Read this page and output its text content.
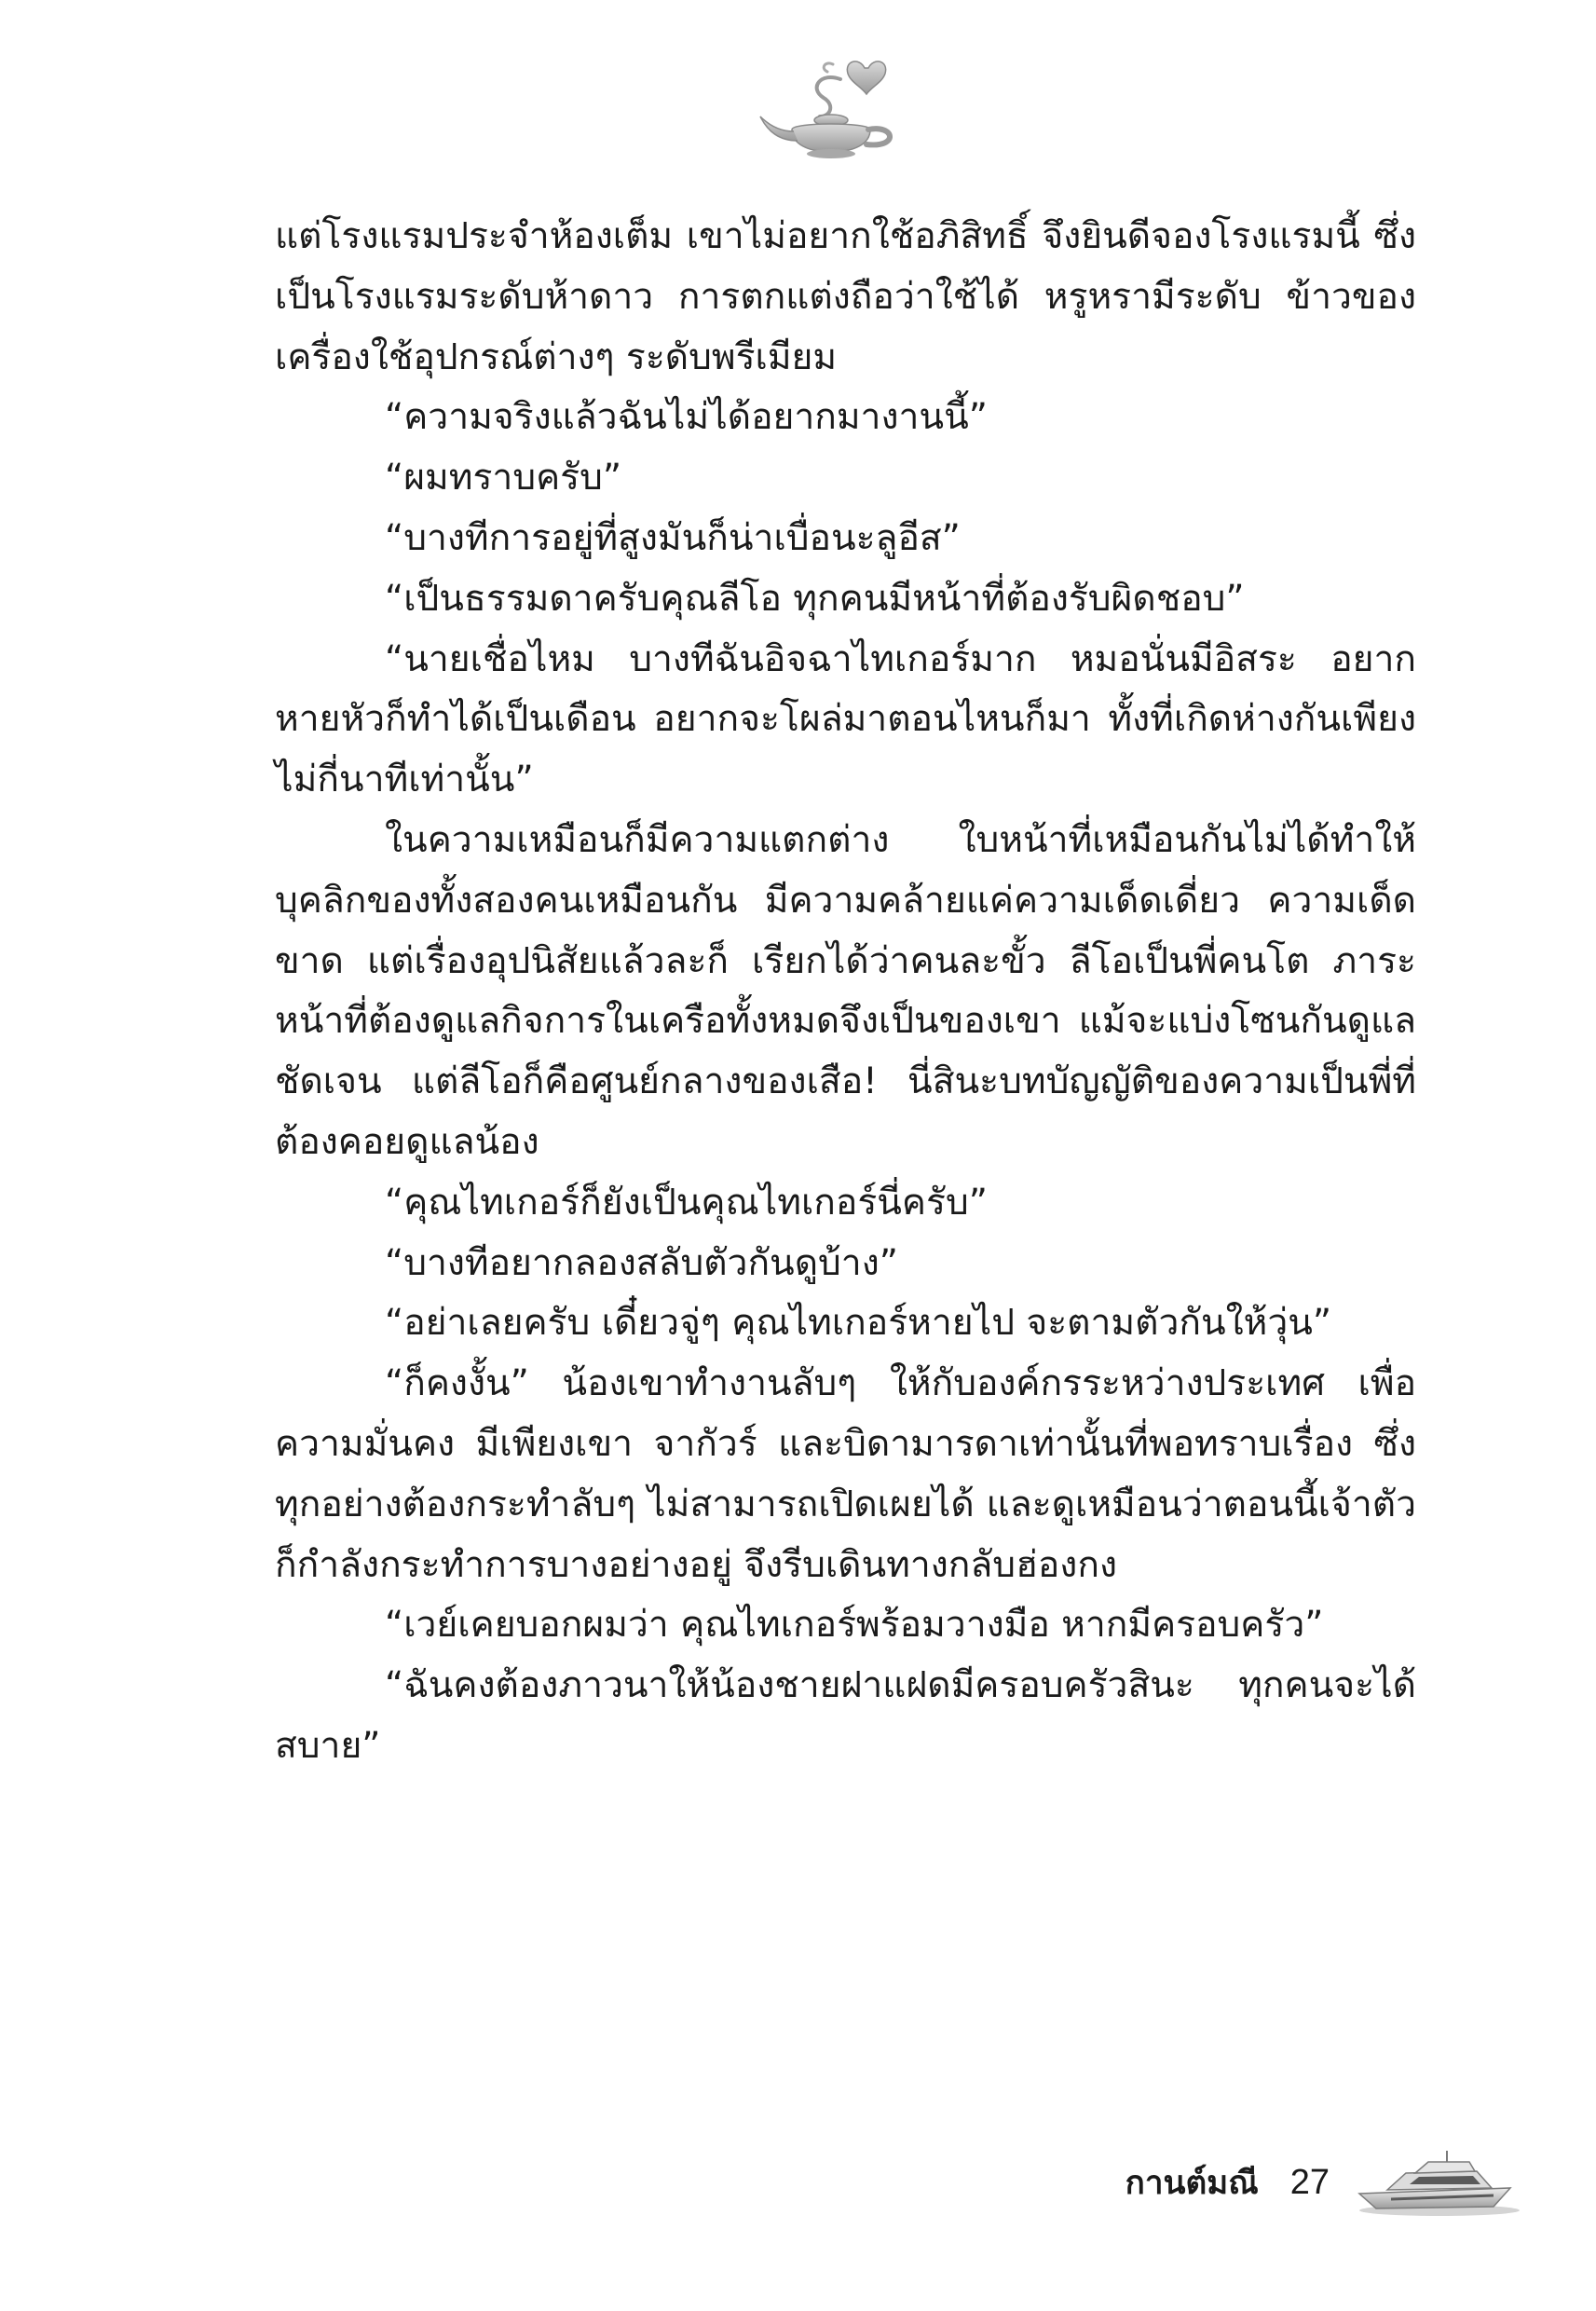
แต่โรงแรมประจำห้องเต็ม เขาไม่อยากใช้อภิสิทธิ์ จึงยินดีจองโรงแรมนี้ ซึ่งเป็นโรงแรมระดับห้าดาว การตกแต่งถือว่าใช้ได้ หรูหรามีระดับ ข้าวของเครื่องใช้อุปกรณ์ต่างๆ ระดับพรีเมียม

“ความจริงแล้วฉันไม่ได้อยากมางานนี้”

“ผมทราบครับ”

“บางทีการอยู่ที่สูงมันก็น่าเบื่อนะลูอีส”

“เป็นธรรมดาครับคุณลีโอ ทุกคนมีหน้าที่ต้องรับผิดชอบ”

“นายเชื่อไหม บางทีฉันอิจฉาไทเกอร์มาก หมอนั่นมีอิสระ อยากหายหัวก็ทำได้เป็นเดือน อยากจะโผล่มาตอนไหนก็มา ทั้งที่เกิดห่างกันเพียงไม่กี่นาทีเท่านั้น”

ในความเหมือนก็มีความแตกต่าง ใบหน้าที่เหมือนกันไม่ได้ทำให้บุคลิกของทั้งสองคนเหมือนกัน มีความคล้ายแค่ความเด็ดเดี่ยว ความเด็ดขาด แต่เรื่องอุปนิสัยแล้วละก็ เรียกได้ว่าคนละขั้ว ลีโอเป็นพี่คนโต ภาระหน้าที่ต้องดูแลกิจการในเครือทั้งหมดจึงเป็นของเขา แม้จะแบ่งโซนกันดูแลชัดเจน แต่ลีโอก็คือศูนย์กลางของเสือ! นี่สินะบทบัญญัติของความเป็นพี่ที่ต้องคอยดูแลน้อง

“คุณไทเกอร์ก็ยังเป็นคุณไทเกอร์นี่ครับ”

“บางทีอยากลองสลับตัวกันดูบ้าง”

“อย่าเลยครับ เดี๋ยวจู่ๆ คุณไทเกอร์หายไป จะตามตัวกันให้วุ่น”

“ก็คงงั้น” น้องเขาทำงานลับๆ ให้กับองค์กรระหว่างประเทศ เพื่อความมั่นคง มีเพียงเขา จากัวร์ และบิดามารดาเท่านั้นที่พอทราบเรื่อง ซึ่งทุกอย่างต้องกระทำลับๆ ไม่สามารถเปิดเผยได้ และดูเหมือนว่าตอนนี้เจ้าตัวก็กำลังกระทำการบางอย่างอยู่ จึงรีบเดินทางกลับฮ่องกง

“เวย์เคยบอกผมว่า คุณไทเกอร์พร้อมวางมือ หากมีครอบครัว”

“ฉันคงต้องภาวนาให้น้องชายฝาแฝดมีครอบครัวสินะ ทุกคนจะได้สบาย”

กานต์มณี 27
